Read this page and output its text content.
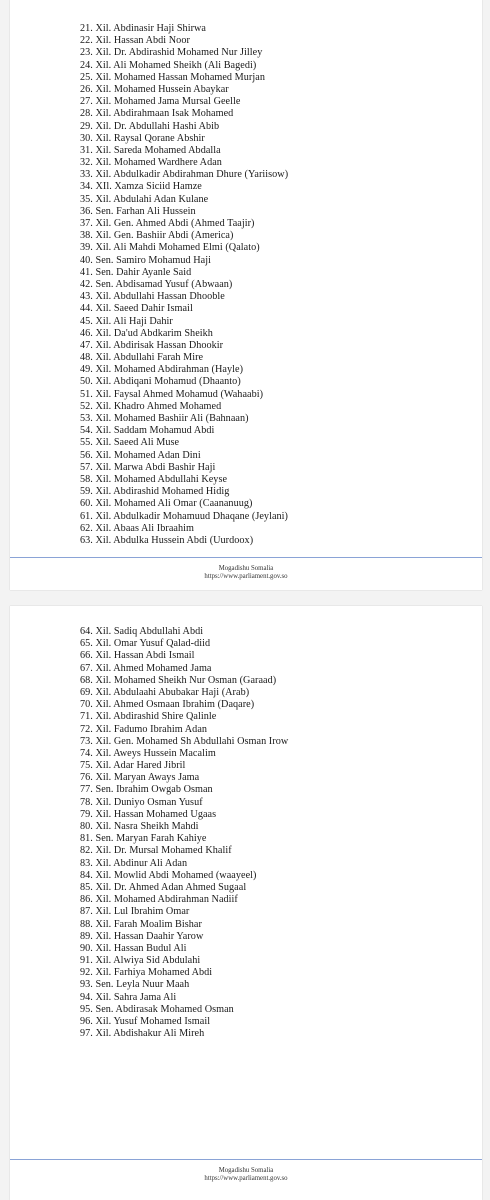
21. Xil. Abdinasir Haji Shirwa
22. Xil. Hassan Abdi Noor
23. Xil. Dr. Abdirashid Mohamed Nur Jilley
24. Xil. Ali Mohamed Sheikh (Ali Bagedi)
25. Xil. Mohamed Hassan Mohamed Murjan
26. Xil. Mohamed Hussein Abaykar
27. Xil. Mohamed Jama Mursal Geelle
28. Xil. Abdirahmaan Isak Mohamed
29. Xil. Dr. Abdullahi Hashi Abib
30. Xil. Raysal Qorane Abshir
31. Xil. Sareda Mohamed Abdalla
32. Xil. Mohamed Wardhere Adan
33. Xil. Abdulkadir Abdirahman Dhure (Yariisow)
34. XIl. Xamza Siciid Hamze
35. Xil. Abdulahi Adan Kulane
36. Sen. Farhan Ali Hussein
37. Xil. Gen. Ahmed Abdi (Ahmed Taajir)
38. Xil. Gen. Bashiir Abdi (America)
39. Xil. Ali Mahdi Mohamed Elmi (Qalato)
40. Sen. Samiro Mohamud Haji
41. Sen. Dahir Ayanle Said
42. Sen. Abdisamad Yusuf (Abwaan)
43. Xil. Abdullahi Hassan Dhooble
44. Xil. Saeed Dahir Ismail
45. Xil. Ali Haji Dahir
46. Xil. Da'ud Abdkarim Sheikh
47. Xil. Abdirisak Hassan Dhookir
48. Xil. Abdullahi Farah Mire
49. Xil. Mohamed Abdirahman (Hayle)
50. Xil. Abdiqani Mohamud (Dhaanto)
51. Xil. Faysal Ahmed Mohamud (Wahaabi)
52. Xil. Khadro Ahmed Mohamed
53. Xil. Mohamed Bashiir Ali (Bahnaan)
54. Xil. Saddam Mohamud Abdi
55. Xil. Saeed Ali Muse
56. Xil. Mohamed Adan Dini
57. Xil. Marwa Abdi Bashir Haji
58. Xil. Mohamed Abdullahi Keyse
59. Xil. Abdirashid Mohamed Hidig
60. Xil. Mohamed Ali Omar (Caananuug)
61. Xil. Abdulkadir Mohamuud Dhaqane (Jeylani)
62. Xil. Abaas Ali Ibraahim
63. Xil. Abdulka Hussein Abdi (Uurdoox)
Mogadishu Somalia
https://www.parliament.gov.so
64. Xil. Sadiq Abdullahi Abdi
65. Xil. Omar Yusuf Qalad-diid
66. Xil. Hassan Abdi Ismail
67. Xil. Ahmed Mohamed Jama
68. Xil. Mohamed Sheikh Nur Osman (Garaad)
69. Xil. Abdulaahi Abubakar Haji (Arab)
70. Xil. Ahmed Osmaan Ibrahim (Daqare)
71. Xil. Abdirashid Shire Qalinle
72. Xil. Fadumo Ibrahim Adan
73. Xil. Gen. Mohamed Sh Abdullahi Osman Irow
74. Xil. Aweys Hussein Macalim
75. Xil. Adar Hared Jibril
76. Xil. Maryan Aways Jama
77. Sen. Ibrahim Owgab Osman
78. Xil. Duniyo Osman Yusuf
79. Xil. Hassan Mohamed Ugaas
80. Xil. Nasra Sheikh Mahdi
81. Sen. Maryan Farah Kahiye
82. Xil. Dr. Mursal Mohamed Khalif
83. Xil. Abdinur Ali Adan
84. Xil. Mowlid Abdi Mohamed (waayeel)
85. Xil. Dr. Ahmed Adan Ahmed Sugaal
86. Xil. Mohamed Abdirahman Nadiif
87. Xil. Lul Ibrahim Omar
88. Xil. Farah Moalim Bishar
89. Xil. Hassan Daahir Yarow
90. Xil. Hassan Budul Ali
91. Xil. Alwiya Sid Abdulahi
92. Xil. Farhiya Mohamed Abdi
93. Sen. Leyla Nuur Maah
94. Xil. Sahra Jama Ali
95. Sen. Abdirasak Mohamed Osman
96. Xil. Yusuf Mohamed Ismail
97. Xil. Abdishakur Ali Mireh
Mogadishu Somalia
https://www.parliament.gov.so
